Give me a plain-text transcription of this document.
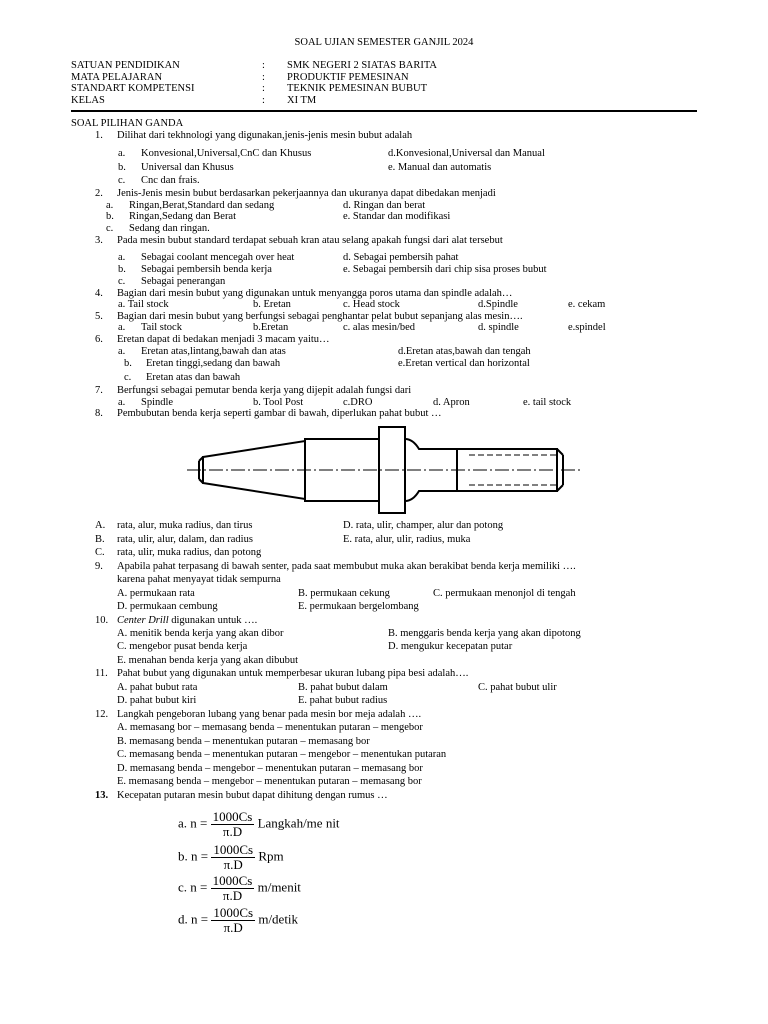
SOAL UJIAN SEMESTER GANJIL 2024
SATUAN PENDIDIKAN	: SMK NEGERI 2 SIATAS BARITA
MATA PELAJARAN	: PRODUKTIF PEMESINAN
STANDART KOMPETENSI	: TEKNIK PEMESINAN BUBUT
KELAS	: XI TM
SOAL PILIHAN GANDA
1. Dilihat dari tekhnologi yang digunakan,jenis-jenis mesin bubut adalah
a. Konvesional,Universal,CnC dan Khusus	d.Konvesional,Universal dan Manual
b. Universal dan Khusus	e. Manual dan automatis
c. Cnc dan frais.
2. Jenis-Jenis mesin bubut berdasarkan pekerjaannya dan ukuranya dapat dibedakan menjadi
a. Ringan,Berat,Standard dan sedang	d. Ringan dan berat
b. Ringan,Sedang dan Berat	e. Standar dan modifikasi
c. Sedang dan ringan.
3. Pada mesin bubut standard terdapat sebuah kran atau selang apakah fungsi dari alat tersebut
a. Sebagai coolant mencegah over heat	d. Sebagai pembersih pahat
b. Sebagai pembersih benda kerja	e. Sebagai pembersih dari chip sisa proses bubut
c. Sebagai penerangan
4. Bagian dari mesin bubut yang digunakan untuk menyangga poros utama dan spindle adalah…
a. Tail stock	b. Eretan	c. Head stock	d.Spindle	e. cekam
5. Bagian dari mesin bubut yang berfungsi sebagai penghantar pelat bubut sepanjang alas mesin….
a. Tail stock	b.Eretan	c. alas mesin/bed	d. spindle	e.spindel
6. Eretan dapat di bedakan menjadi 3 macam yaitu…
a. Eretan atas,lintang,bawah dan atas	d.Eretan atas,bawah dan tengah
b. Eretan tinggi,sedang dan bawah	e.Eretan vertical dan horizontal
c. Eretan atas dan bawah
7. Berfungsi sebagai pemutar benda kerja yang dijepit adalah fungsi dari
a. Spindle	b. Tool Post	c.DRO	d. Apron	e. tail stock
8. Pembubutan benda kerja seperti gambar di bawah, diperlukan pahat bubut …
A. rata, alur, muka radius, dan tirus	D. rata, ulir, champer, alur dan potong
B. rata, ulir, alur, dalam, dan radius	E. rata, alur, ulir, radius, muka
C. rata, ulir, muka radius, dan potong
9. Apabila pahat terpasang di bawah senter, pada saat membubut muka akan berakibat benda kerja memiliki ….
karena pahat menyayat tidak sempurna
A. permukaan rata	B. permukaan cekung	C. permukaan menonjol di tengah
D. permukaan cembung	E. permukaan bergelombang
10. Center Drill digunakan untuk ….
A. menitik benda kerja yang akan dibor	B. menggaris benda kerja yang akan dipotong
C. mengebor pusat benda kerja	D. mengukur kecepatan putar
E. menahan benda kerja yang akan dibubut
11. Pahat bubut yang digunakan untuk memperbesar ukuran lubang pipa besi adalah….
A. pahat bubut rata	B. pahat bubut dalam	C. pahat bubut ulir
D. pahat bubut kiri	E. pahat bubut radius
12. Langkah pengeboran lubang yang benar pada mesin bor meja adalah ….
A. memasang bor – memasang benda – menentukan putaran – mengebor
B. memasang benda – menentukan putaran – memasang bor
C. memasang benda – menentukan putaran – mengebor – menentukan putaran
D. memasang benda – mengebor – menentukan putaran – memasang bor
E. memasang benda – mengebor – menentukan putaran – memasang bor
13. Kecepatan putaran mesin bubut dapat dihitung dengan rumus …
a. $n = \frac{1000Cs}{\pi.D}$ Langkah/me nit
b. $n = \frac{1000Cs}{\pi.D}$ Rpm
c. $n = \frac{1000Cs}{\pi.D}$ m/menit
d. $n = \frac{1000Cs}{\pi.D}$ m/detik
